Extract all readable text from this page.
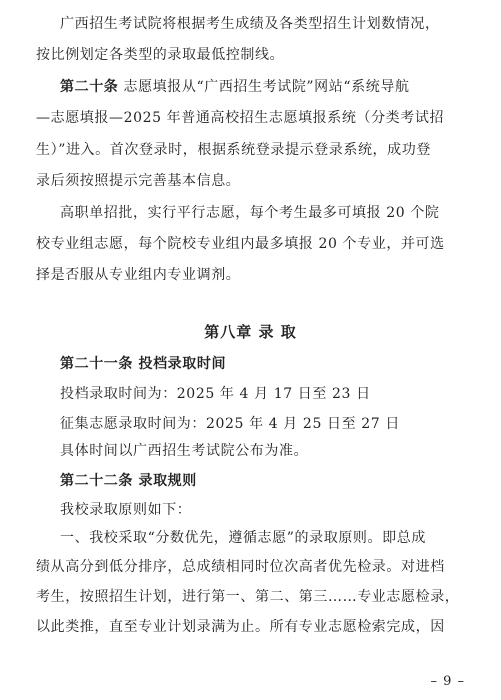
广西招生考试院将根据考生成绩及各类型招生计划数情况，
按比例划定各类型的录取最低控制线。
第二十条 志愿填报从“广西招生考试院”网站“系统导航
—志愿填报—2025 年普通高校招生志愿填报系统（分类考试招
生）”进入。首次登录时，根据系统登录提示登录系统，成功登
录后须按照提示完善基本信息。
高职单招批，实行平行志愿，每个考生最多可填报 20 个院
校专业组志愿，每个院校专业组内最多填报 20 个专业，并可选
择是否服从专业组内专业调剂。
第八章 录 取
第二十一条 投档录取时间
投档录取时间为：2025 年 4 月 17 日至 23 日
征集志愿录取时间为：2025 年 4 月 25 日至 27 日
具体时间以广西招生考试院公布为准。
第二十二条 录取规则
我校录取原则如下：
一、我校采取“分数优先，遵循志愿”的录取原则。即总成
绩从高分到低分排序，总成绩相同时位次高者优先检录。对进档
考生，按照招生计划，进行第一、第二、第三……专业志愿检录，
以此类推，直至专业计划录满为止。所有专业志愿检索完成，因
– 9 –
